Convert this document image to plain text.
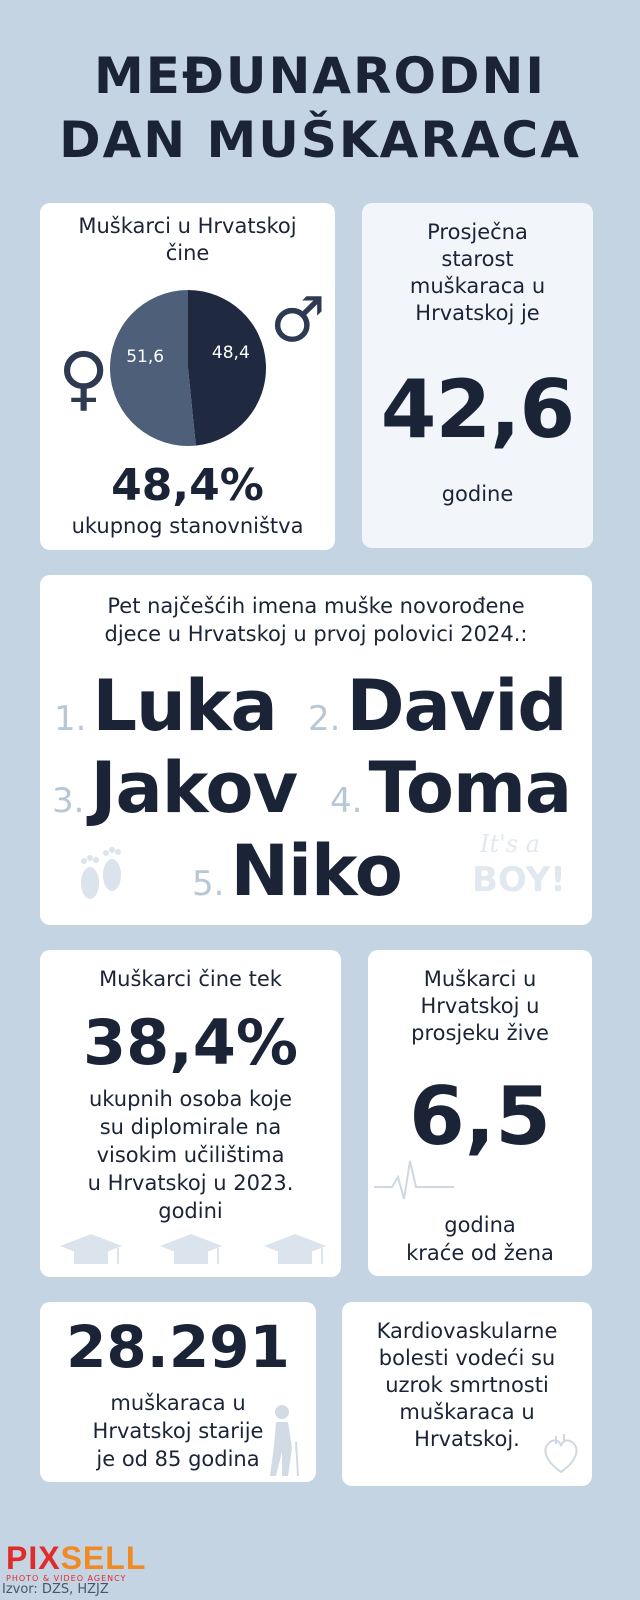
MEĐUNARODNI
DAN MUŠKARACA
Muškarci u Hrvatskoj
čine
♀
♂
48,4
51,6
48,4%
ukupnog stanovništva
Prosječna
starost
muškaraca u
Hrvatskoj je
42,6
godine
Pet najčešćih imena muške novorođene
djece u Hrvatskoj u prvoj polovici 2024.:
1. Luka 2. David
3. Jakov 4. Toma
5. Niko	It's a
BOY!
Muškarci čine tek
38,4%
ukupnih osoba koje
su diplomirale na
visokim učilištima
u Hrvatskoj u 2023.
godini
Muškarci u
Hrvatskoj u
prosjeku žive
6,5
godina
kraće od žena
28.291
muškaraca u
Hrvatskoj starije
je od 85 godina
Kardiovaskularne
bolesti vodeći su
uzrok smrtnosti
muškaraca u
Hrvatskoj.
PIXSELL
PHOTO & VIDEO AGENCY
Izvor: DZS, HZJZ
